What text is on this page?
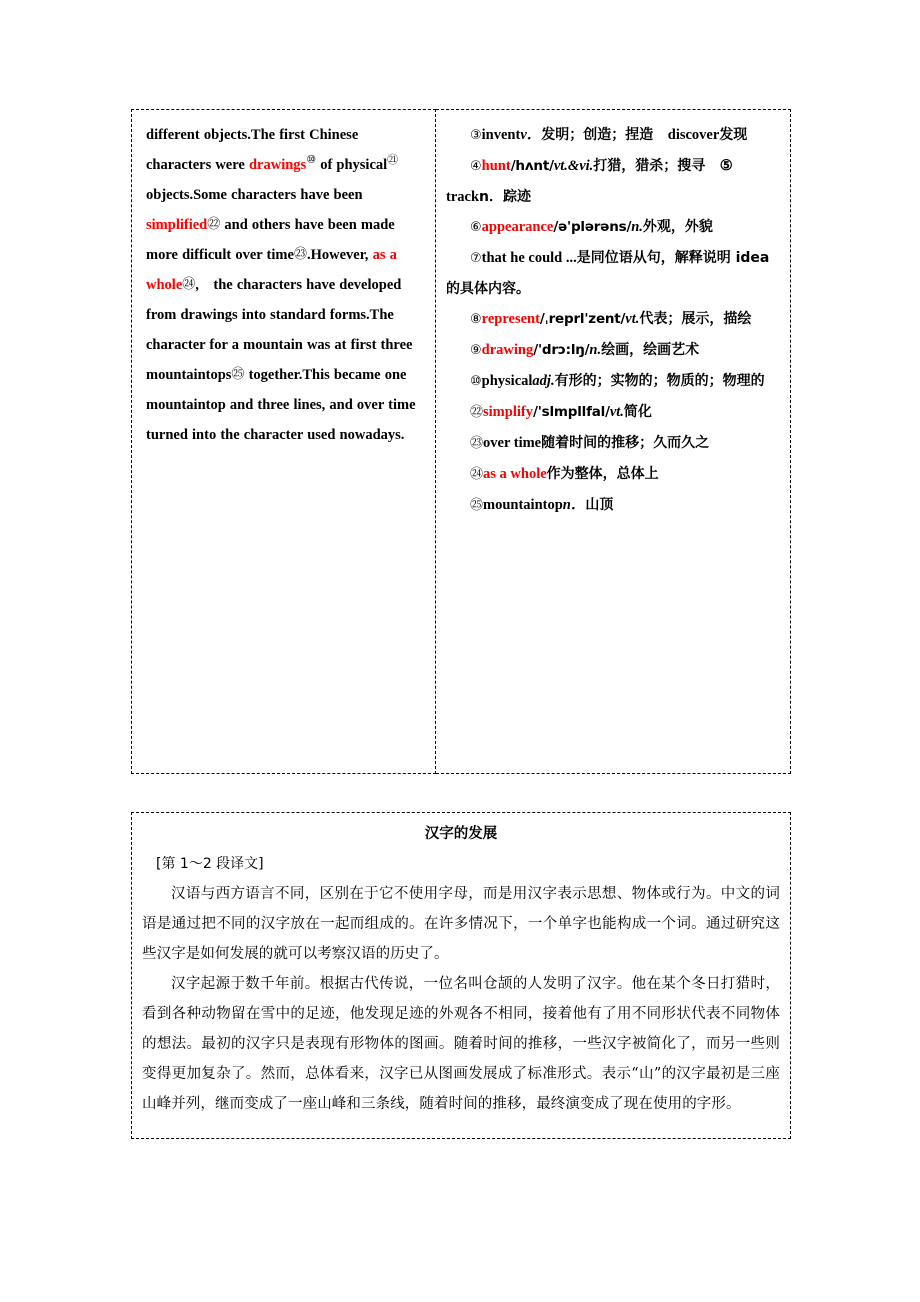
different objects.The first Chinese characters were drawings⑩ of physical$^㉑$ objects.Some characters have been simplified㉒ and others have been made more difficult over time㉓.However, as a whole㉔, the characters have developed from drawings into standard forms.The character for a mountain was at first three mountaintops㉕ together.This became one mountaintop and three lines, and over time turned into the character used nowadays.
③inventv．发明；创造；捏造  discover发现
④hunt/hʌnt/vt.&vi.打猎，猎杀；搜寻  ⑤ trackn．踪迹
⑥appearance/ə'plərəns/n.外观，外貌
⑦that he could ...是同位语从句，解释说明 idea 的具体内容。
⑧represent/ˌreprl'zent/vt.代表；展示，描绘
⑨drawing/'drɔ:lŋ/n.绘画，绘画艺术
⑩physicaladj.有形的；实物的；物质的；物理的
㉒simplify/'slmpllfal/vt.简化
㉓over time随着时间的推移；久而久之
㉔as a whole作为整体，总体上
㉕mountaintopn．山顶
汉字的发展
[第 1～2 段译文]

汉语与西方语言不同，区别在于它不使用字母，而是用汉字表示思想、物体或行为。中文的词语是通过把不同的汉字放在一起而组成的。在许多情况下，一个单字也能构成一个词。通过研究这些汉字是如何发展的就可以考察汉语的历史了。

汉字起源于数千年前。根据古代传说，一位名叫仓颉的人发明了汉字。他在某个冬日打猎时，看到各种动物留在雪中的足迹，他发现足迹的外观各不相同，接着他有了用不同形状代表不同物体的想法。最初的汉字只是表现有形物体的图画。随着时间的推移，一些汉字被简化了，而另一些则变得更加复杂了。然而，总体看来，汉字已从图画发展成了标准形式。表示“山”的汉字最初是三座山峰并列，继而变成了一座山峰和三条线，随着时间的推移，最终演变成了现在使用的字形。
